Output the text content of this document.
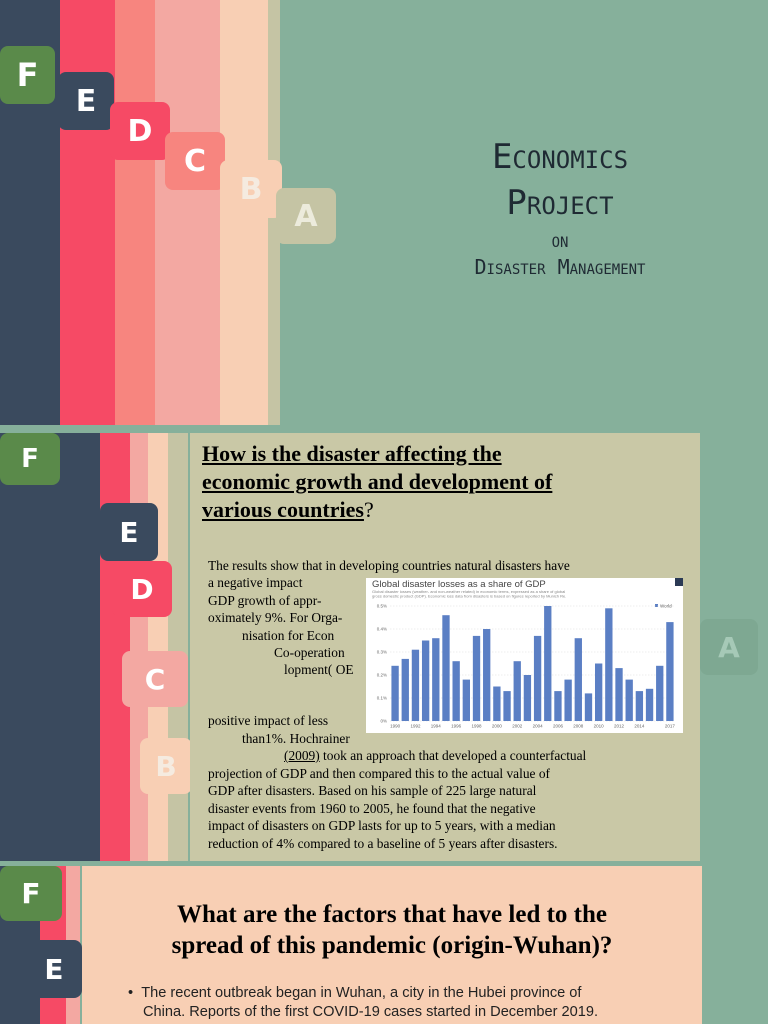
F
E
D
C
B
A
Economics
Project
on
Disaster Management
F
E
D
C
B
A
How is the disaster affecting the
economic growth and development of
various countries?
The results show that in developing countries natural disasters have
a negative impact
GDP growth of appr-
oximately 9%. For Orga-
nisation for Econ
Co-operation
lopment( OE
positive impact of less
than1%. Hochrainer
(2009) took an approach that developed a counterfactual
projection of GDP and then compared this to the actual value of
GDP after disasters. Based on his sample of 225 large natural
disaster events from 1960 to 2005, he found that the negative
impact of disasters on GDP lasts for up to 5 years, with a median
reduction of 4% compared to a baseline of 5 years after disasters.
Global disaster losses as a share of GDP
Global disaster losses (weather- and non-weather related) in economic terms, expressed as a share of global gross domestic product (GDP). Economic loss data from disasters is based on figures reported by Munich Re.
World
0%
0.1%
0.2%
0.3%
0.4%
0.5%
1990 1992 1994 1996 1998 2000 2002 2004 2006 2008 2010 2012 2014	2017
F
E
What are the factors that have led to the
spread of this pandemic (origin-Wuhan)?
• The recent outbreak began in Wuhan, a city in the Hubei province of
China. Reports of the first COVID-19 cases started in December 2019.
